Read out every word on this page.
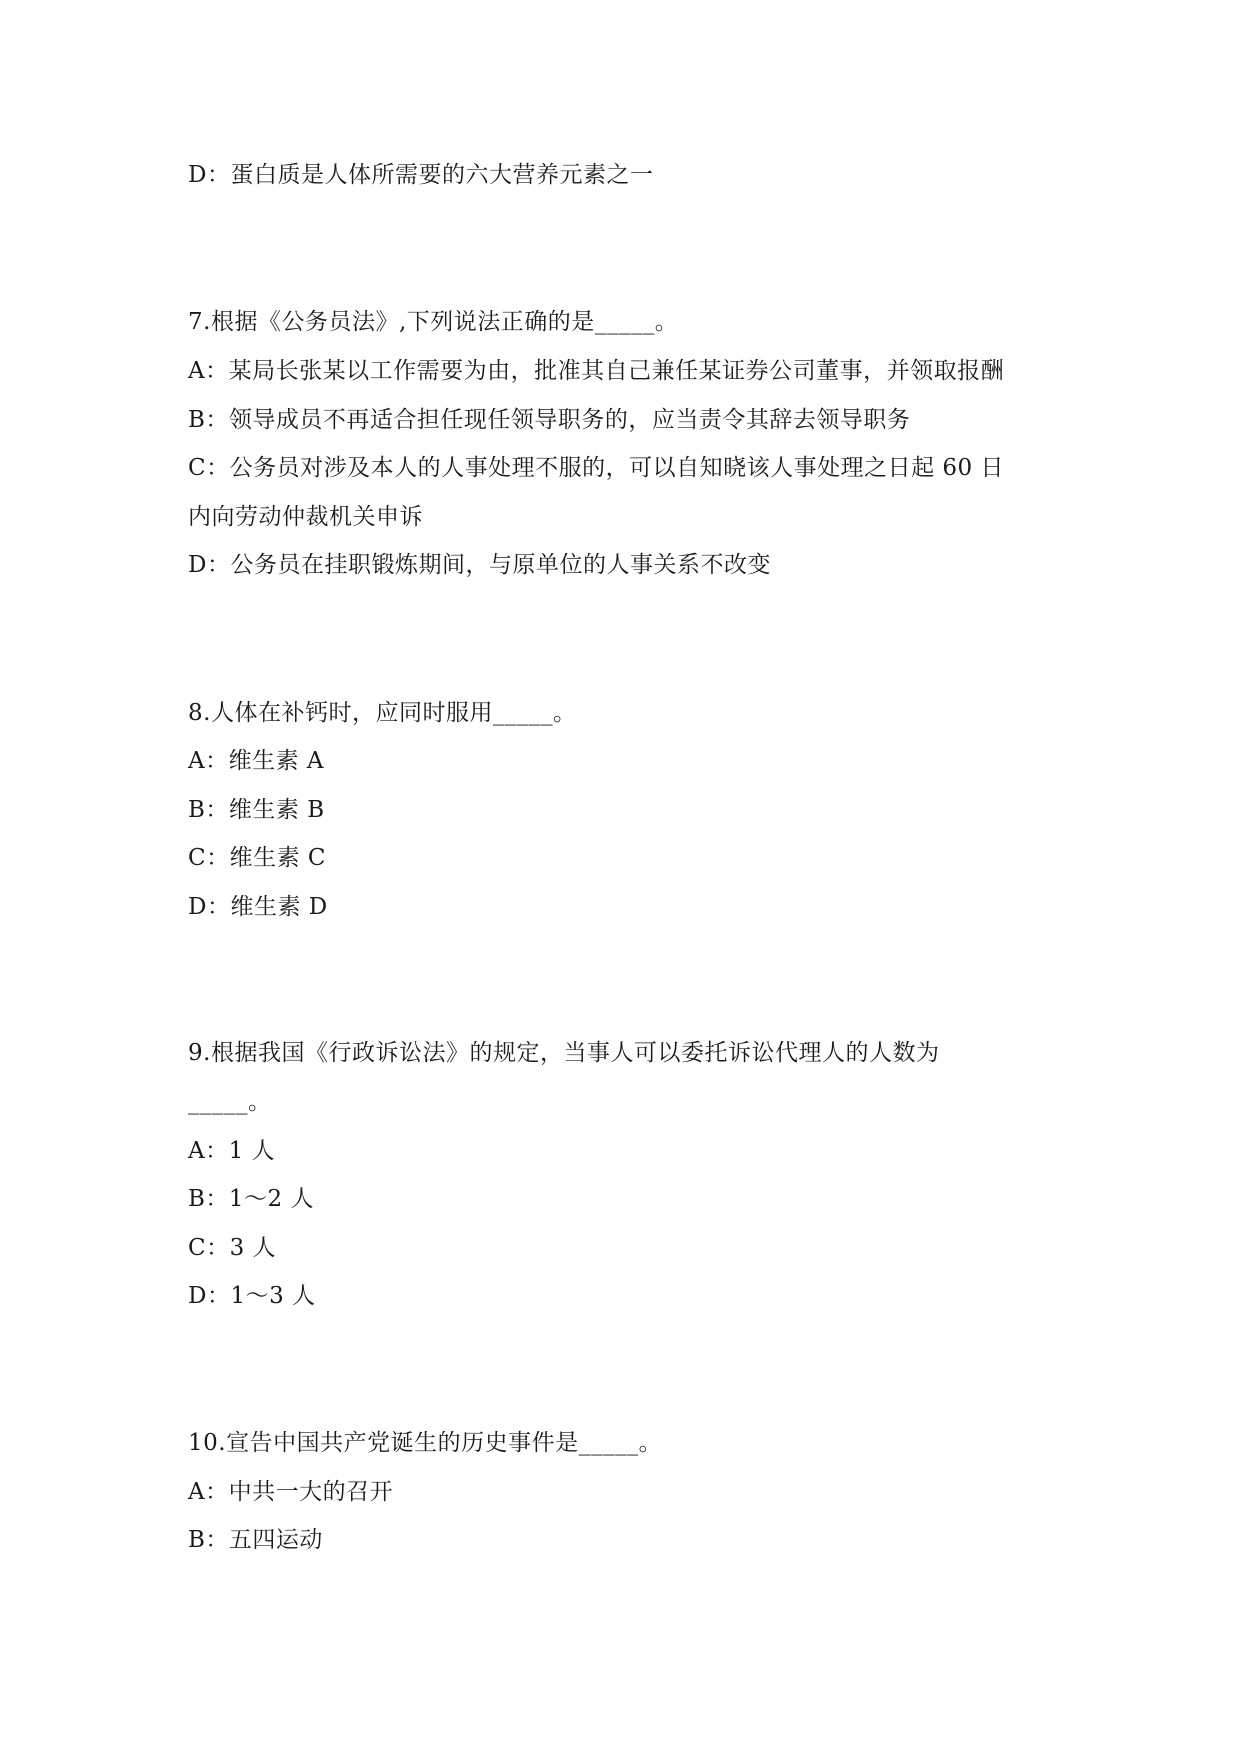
D：蛋白质是人体所需要的六大营养元素之一
7.根据《公务员法》,下列说法正确的是_____。
A：某局长张某以工作需要为由，批准其自己兼任某证券公司董事，并领取报酬
B：领导成员不再适合担任现任领导职务的，应当责令其辞去领导职务
C：公务员对涉及本人的人事处理不服的，可以自知晓该人事处理之日起 60 日
内向劳动仲裁机关申诉
D：公务员在挂职锻炼期间，与原单位的人事关系不改变
8.人体在补钙时，应同时服用_____。
A：维生素 A
B：维生素 B
C：维生素 C
D：维生素 D
9.根据我国《行政诉讼法》的规定，当事人可以委托诉讼代理人的人数为
_____。
A：1 人
B：1～2 人
C：3 人
D：1～3 人
10.宣告中国共产党诞生的历史事件是_____。
A：中共一大的召开
B：五四运动
